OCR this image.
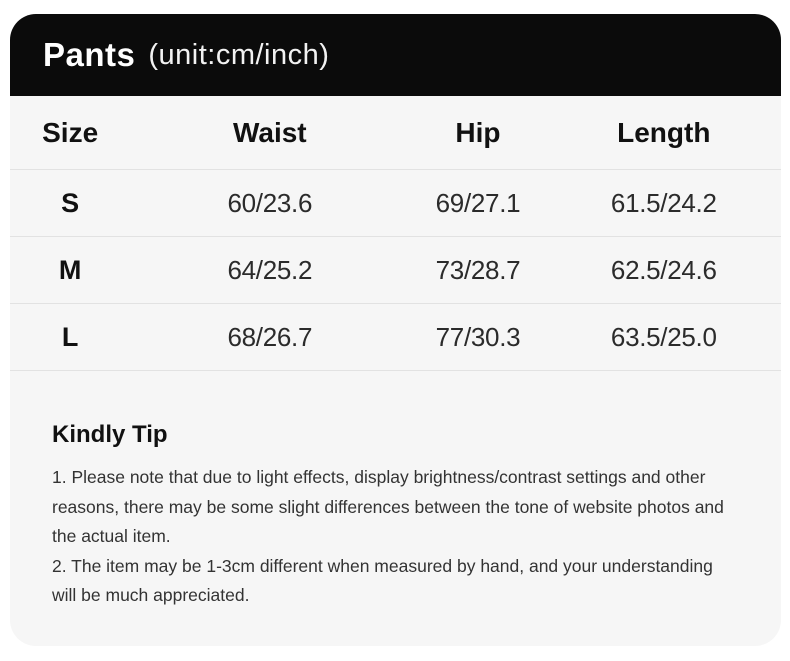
Pants (unit:cm/inch)
Size	Waist	Hip	Length
S	60/23.6	69/27.1	61.5/24.2
M	64/25.2	73/28.7	62.5/24.6
L	68/26.7	77/30.3	63.5/25.0
Kindly Tip

1. Please note that due to light effects, display brightness/contrast settings and other reasons, there may be some slight differences between the tone of website photos and the actual item.

2. The item may be 1-3cm different when measured by hand, and your understanding will be much appreciated.
